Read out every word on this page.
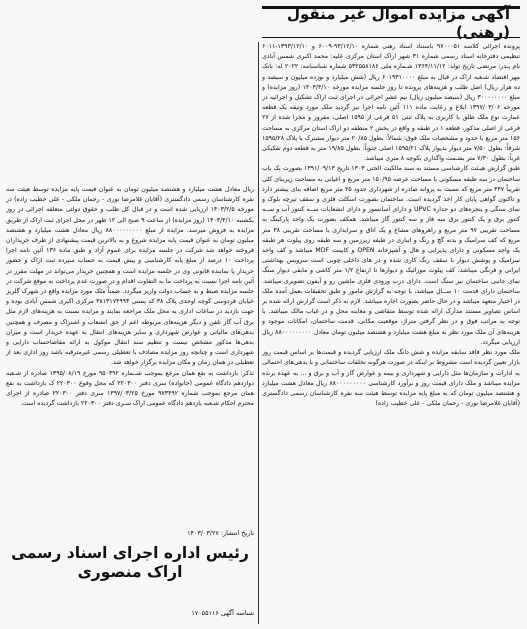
آگهی مزایده اموال غیر منقول (رهنی)

پرونده اجرائی کلاسه ۹۷۰۰۰۵۱ باستناد اسناد رهنی شماره ۹۳/۱۲/۱۰-۶۰۰۹ و ۱۳۹۳/۱۲/۱۰-۶۰۱۱ تنظیمی دفترخانه اسناد رسمی شماره ۳۱ شهر اراک استان مرکزی علیه: محمد اکبری شمس آبادی نام پـدر: مرتضی تاریخ تولد: ۱۳۶۴/۱۱/۱۲ شـماره ملی ۵۳۲۵۵۸۱۸۶ شماره شناسنامه: ۲۰۲۲ له: بانک مهر اقتصاد شـعبه اراک در قبال به مبلغ ۶۰۱۹۳۱۰۰۰۰ ریال (شش میلیارد و نوزده میلیون و سیصد و ده هزار ریال) اصل طلب و هزینه‌های پرونده تا روز جلسه مزایده مورخه ۱۴۰۳/۴/۱۰ (روز مزایده) و مبلغ ۳۰۰۰۰۰۰۰۰ ریال (سیصد میلیون ریال) نیم عشر اجرائی در اجرای ثبت اراک تشکیل و اجرائیه در مورخه ۱۳۹۷/۰۳/۰۶ ابلاغ و رعایت ماده ۱۱۱ آئین نامه اجرا نیز گردید ملک مورد وثیقه یک قطعه عمارت نوع ملک طلق با کاربری به پلاک ثبتی ۵۱ فرعی از ۱۵۹۵ اصلی، مفروز و مجزا شده از ۲۷ فرعی از اصلی مذکور، قطعه ۱ در طبقه و واقع در بخش ۲ منطقه دو اراک استان مرکزی به مساحت ۱۵۶ متر مربع با حدود و مشخصات ملک فوق: شمالاً: بطول ۲۰/۸۵ متر دیوار مشترک با پلاک ۱۵۹۵/۲۸ شرقاً: بطول ۷/۵۰ متر دیوار بدیوار پلاک ۱۵۹۵/۲۱ اصلی جنوباً: بطول ۱۹/۸۵ متر به قطعه دوم تفکیکی غرباً: بطول ۷/۳۰ متر بشـمت واگذاری بکوچه ۸ متری میباشد.

طبق گزارش هیـئت کارشناسی مستند به سند مالکیت الحتی ۱۳۰۳ تاریخ ۱۳۹۱/۰۹/۱۳ بصورت یک باب ساختمان در سه طبقه مسکونی با مساحت عرصه ۱۵۰/۹۵ متر مربع و اعیانی به مساحت زیربنای کلی تقریباً ۴۴۷ متر مربع که نسبت به پروانه صادره از شهرداری حدود ۲۵ متر مربع اضافه بنای بیشتر دارد و تاکنون گواهی پایان کار اخذ گردیده است. ساختمان بصورت اسکلت فلزی و سقف تیرچه بلوک و نمای سنگی و پنجره‌های دو جداره UPVC و دارای آسانسور و دارای انشعابات ســه کنتور آب و ســه کنتور برق و یک کنتور برق سه فاز و سه کنتور گاز میباشد. همکف بصورت یک واحد پارکینگ به مساحت تقریبی ۹۷ متر مربع و راهرو‌های مشاع و یک اتاق و سرایداری با مساحت تقریبی ۳۸ متر مربع که کف سرامیک و بدنه گچ و رنگ و انباری در طبقه زیرزمین و سه طبقه روی پیلوت هر طبقه یک واحد مسکونی و دارای پذیرایی و هال و آشپزخانه OPEN و کابینت MDF میباشد و کف واحد سرامیک و پوشش دیوار با سقف رنگ کاری شده و در های داخلی چوبی است سرویس بهداشتی ایرانی و فرنگی میباشد، کف پیلوت موزائیک و دیوارها تا ارتفاع ۱/۲ متر کاشی و مابقی دیوار سنگ نمای جانبی ساختمان نیز سنگ است. دارای درب ورودی فلزی ماشین رو و آیفون تصویری میباشد. ساختمان دارای قدمت ۱۰ ســال میباشد، با توجه به گزارش مامور و طبق تحقیقات بعمل آمده ملک در اختیار متعهد میباشد و در حال حاضر بصورت اجاره میباشد. لازم به ذکر است گزارش ارائه شده بر اساس تصاویر مستند مدارک ارائه شده توسط متقاضی و معاینه محل و در غیاب مالک میباشد. با توجه به مراتب فوق و در نظر گرفتن متراژ، موقعیت مکانی، قدمت ساختمان، امکانات موجود و هزینه‌های آن ملک مورد نظر به مبلغ هشت میلیارد و هشتصد میلیون تومان معادل ۸۸۰۰۰۰۰۰۰۰۰ ریال ارزیابی میگردد.

ملک مورد نظر فاقد سابقه مزایده و شش دانگ ملک ارزیابی گردیده و قیمت‌ها بر اساس قیمت روز بازار تعیین گردیده است مشروط بر اینکه در صورت هرگونه تخلفات ساختمانی و یا بدهی‌های احتمالی به ادارات و سازمان‌ها مثل دارایی و شهرداری و بیمه و عوارض گاز و آب و برق و ... به عهده برنده مزایده میباشد و ملک دارای قیمت روز و برآورد کارشناسی ۸۸۰۰۰۰۰۰۰۰۰ ریال معادل هشت میلیارد و هشتصد میلیون تومان که به مبلغ پایه مزایده توسط هیئت سه نفره کارشناسان رسمی دادگستری (آقایان غلامرضا نوری - رحمان ملکی - علی خطیب زاده)

ریال معادل هشت میلیارد و هشتصد میلیون تومان به عنوان قیمت پایه مزایده توسط هیئت سه نفره کارشناسان رسمی دادگستری (آقایان غلامرضا نوری - رحمان ملکی - علی خطیب زاده) در مورخه ۱۴۰۳/۲/۵ ارزیابی شده است و در قبال کل طلب و حقوق دولتی متعلقه اجرائی در روز یکشنبه ۱۴۰۳/۴/۱۰ (روز مزایده) از ساعت ۹ صبح الی ۱۲ ظهر در محل اجرای ثبت اراک از طریق مزایده به فروش میرسد. مزایده از مبلغ ۸۸۰۰۰۰۰۰۰۰۰ ریال معادل هشت میلیارد و هشتصد میلیون تومان به عنوان قیمت پایه مزایده شروع و به بالاترین قیمت پیشنهادی از طرف خریداران فروخته خواهد شد شرکت در جلسه مزایده برای عموم آزاد و طبق ماده ۱۳۶ آئین نامه اجرا پرداخت ۱۰ درصد از مبلغ پایه کارشناسی و پیش قیمت به حساب سپرده ثبت اراک و حضور خریدار یا نماینده قانونی وی در جلسه مزایده است و همچنین خریدار می‌تواند در مهلت مقرر در آئین نامه اجرا نسبت به پرداخت ما به التفاوت اقدام و در صورت عدم پرداخت به موقع شرکت در جلسه مزایده ضبط و به حساب دولت واریز میگردد. ضمناً ملک مورد مزایده واقع در شهرک گلریز خیابان فردوسی کوچه اوحدی پلاک ۳۸ کد پستی ۳۸۱۳۱۷۴۹۹۳ مرکزی اکبری شمس آبادی بوده و جهت بازدید در ساعات اداری به محل ملک مراجعه نمایند و مزایده نسبت به هزینه‌های لازم مثل برق آب گاز تلفن و دیگر هزینه‌های مربوطه اعم از حق انشعاب و اشتراک و مصرف و همچنین بدهی‌های مالیاتی و عوارض شهرداری و سایر هزینه‌های انتقال به عهده خریدار است و میزان بدهی‌ها مذکور مشخص نیست و تنظیم سند انتقال موکول به ارائه مفاصاحساب دارایی و شهرداری است و چنانچه روز مزایده مصادف با تعطیلی رسمی غیرمترقبه باشد روز اداری بعد از تعطیلی در همان زمان و مکان مزایده برگزار خواهد شد.

تذکر: بازداشت به نفع همان مرجع بموجب شــماره ۹۵۰۳۹۲ مورخ ۱۳۹۵/۰۸/۱۹ صادره از شـعبه دوازدهم دادگاه عمومی (خانواده) سری دفتر ۲۲۰۳۰۰ که محل وقوع ۲۲۰۳۰۰ ک بازداشت به نفع همان مرجع بموجب شماره ۹۷۳۴۹۲ مورخ ۱۳۹۷/۰۳/۲۵ سری دفتر ۲۲۰۳۰۰ صادره از اجرای محترم احکام شـعبه یازدهم دادگاه عمومی اراک سـری دفتر ۲۲۰۳۰۰ بازداشت گردیده است.

تاریخ انتشار: ۱۴۰۳/۰۳/۲۷
رئیس اداره اجرای اسناد رسمی اراک منصوری
شناسه آگهی ۱۷۰۵۵۱۱۶
